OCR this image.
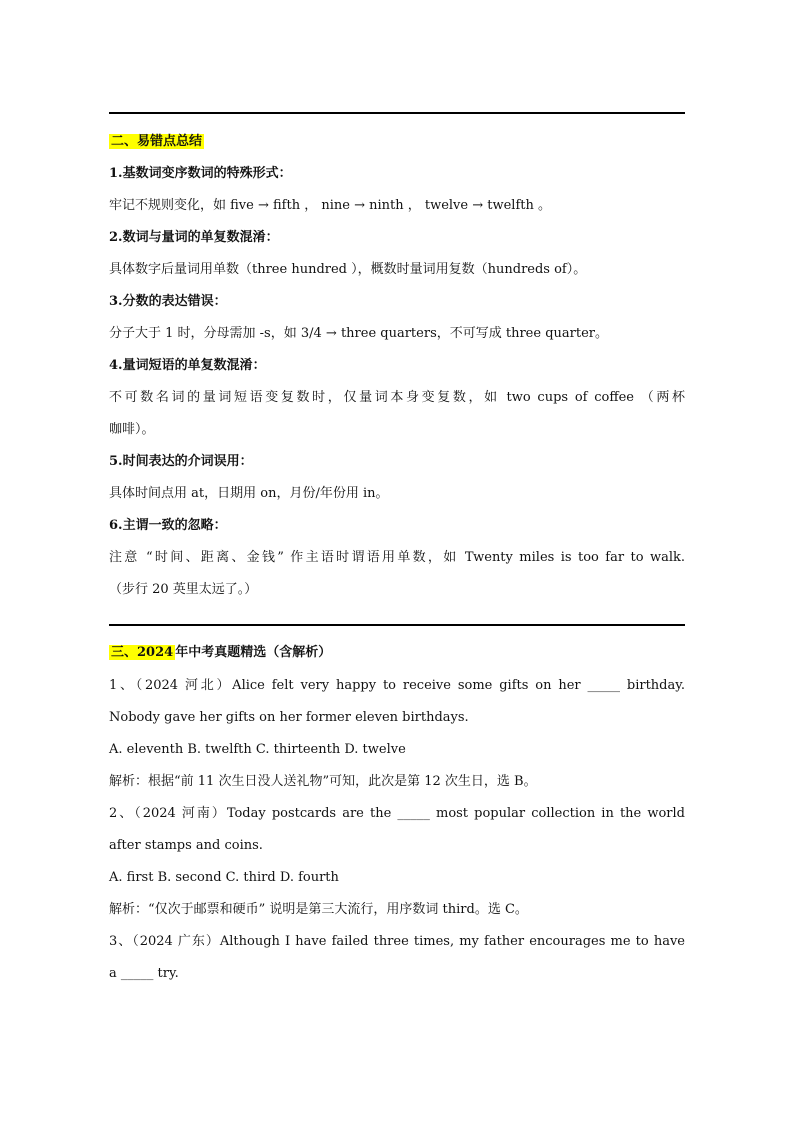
二、易错点总结
1.基数词变序数词的特殊形式：
牢记不规则变化，如 five → fifth ， nine → ninth ， twelve → twelfth 。
2.数词与量词的单复数混淆：
具体数字后量词用单数（three hundred ），概数时量词用复数（hundreds of）。
3.分数的表达错误：
分子大于 1 时，分母需加 -s，如 3/4 → three quarters，不可写成 three quarter。
4.量词短语的单复数混淆：
不可数名词的量词短语变复数时，仅量词本身变复数，如 two cups of coffee （两杯
咖啡）。
5.时间表达的介词误用：
具体时间点用 at，日期用 on，月份/年份用 in。
6.主谓一致的忽略：
注意 “时间、距离、金钱” 作主语时谓语用单数，如 Twenty miles is too far to walk.
（步行 20 英里太远了。）
三、2024 年中考真题精选（含解析）
1、（2024 河北）Alice felt very happy to receive some gifts on her _____ birthday.
Nobody gave her gifts on her former eleven birthdays.
A. eleventh B. twelfth C. thirteenth D. twelve
解析：根据“前 11 次生日没人送礼物”可知，此次是第 12 次生日，选 B。
2、（2024 河南）Today postcards are the _____ most popular collection in the world
after stamps and coins.
A. first B. second C. third D. fourth
解析：“仅次于邮票和硬币” 说明是第三大流行，用序数词 third。选 C。
3、（2024 广东）Although I have failed three times, my father encourages me to have
a _____ try.
